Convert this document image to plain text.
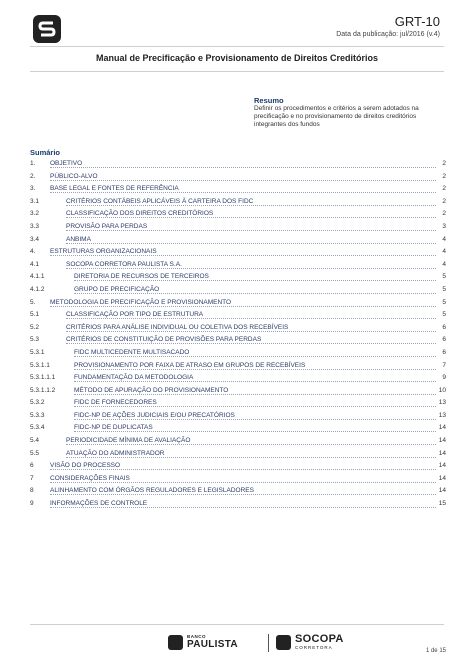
GRT-10
Data da publicação: jul/2016 (v.4)
Manual de Precificação e Provisionamento de Direitos Creditórios
Resumo
Definir os procedimentos e critérios a serem adotados na precificação e no provisionamento de direitos creditórios integrantes dos fundos
Sumário
1. OBJETIVO	2
2. PÚBLICO-ALVO	2
3. BASE LEGAL E FONTES DE REFERÊNCIA	2
3.1	CRITÉRIOS CONTÁBEIS APLICÁVEIS À CARTEIRA DOS FIDC	2
3.2	CLASSIFICAÇÃO DOS DIREITOS CREDITÓRIOS	2
3.3	PROVISÃO PARA PERDAS	3
3.4	ANBIMA	4
4. ESTRUTURAS ORGANIZACIONAIS	4
4.1	SOCOPA CORRETORA PAULISTA S.A.	4
4.1.1	DIRETORIA DE RECURSOS DE TERCEIROS	5
4.1.2	GRUPO DE PRECIFICAÇÃO	5
5. METODOLOGIA DE PRECIFICAÇÃO E PROVISIONAMENTO	5
5.1	CLASSIFICAÇÃO POR TIPO DE ESTRUTURA	5
5.2	CRITÉRIOS PARA ANÁLISE INDIVIDUAL OU COLETIVA DOS RECEBÍVEIS	6
5.3	CRITÉRIOS DE CONSTITUIÇÃO DE PROVISÕES PARA PERDAS	6
5.3.1	FIDC MULTICEDENTE MULTISACADO	6
5.3.1.1	PROVISIONAMENTO POR FAIXA DE ATRASO EM GRUPOS DE RECEBÍVEIS	7
5.3.1.1.1	FUNDAMENTAÇÃO DA METODOLOGIA	9
5.3.1.1.2	MÉTODO DE APURAÇÃO DO PROVISIONAMENTO	10
5.3.2	FIDC DE FORNECEDORES	13
5.3.3	FIDC-NP DE AÇÕES JUDICIAIS E/OU PRECATÓRIOS	13
5.3.4	FIDC-NP DE DUPLICATAS	14
5.4	PERIODICIDADE MÍNIMA DE AVALIAÇÃO	14
5.5	ATUAÇÃO DO ADMINISTRADOR	14
6	VISÃO DO PROCESSO	14
7	CONSIDERAÇÕES FINAIS	14
8	ALINHAMENTO COM ÓRGÃOS REGULADORES E LEGISLADORES	14
9	INFORMAÇÕES DE CONTROLE	15
BANCO
PAULISTA	SOCOPA
CORRETORA
1 de 15
